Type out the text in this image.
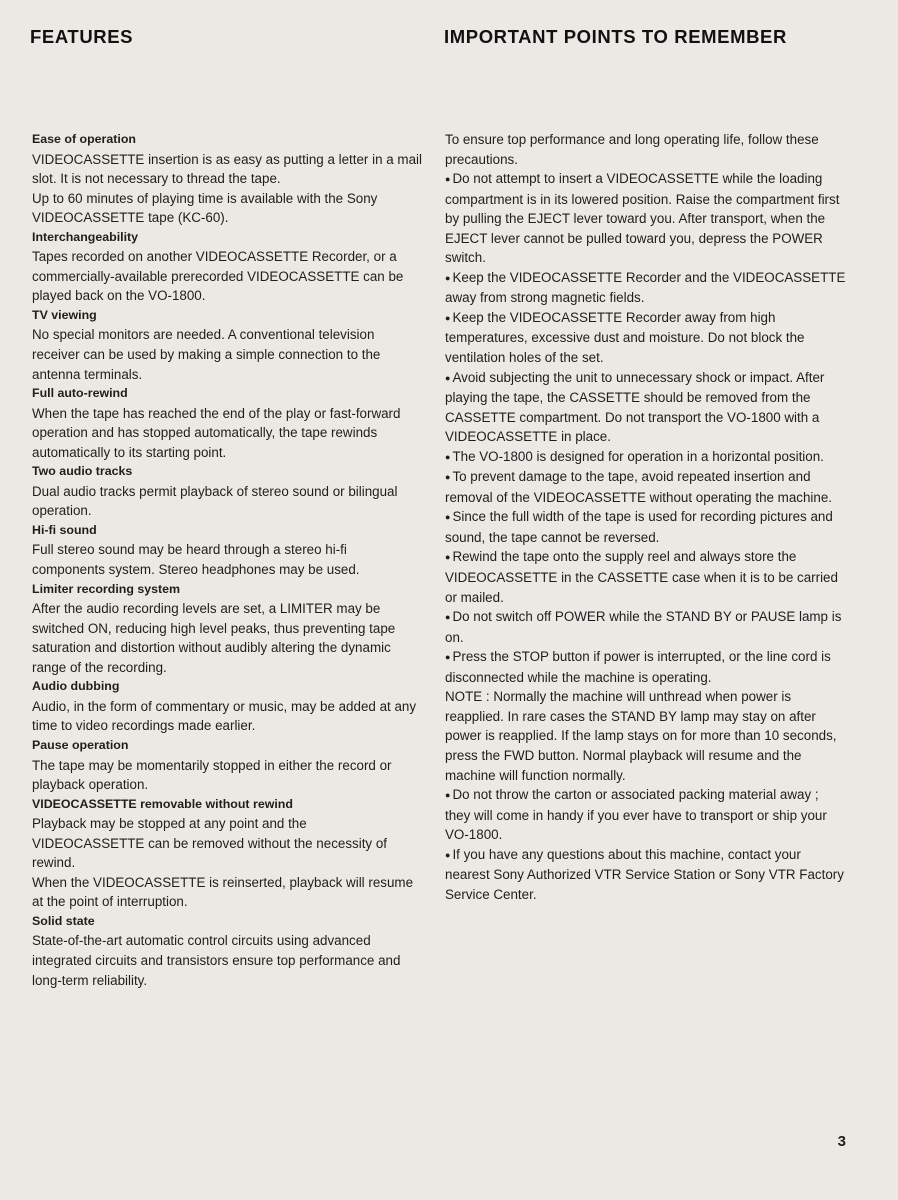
FEATURES	IMPORTANT POINTS TO REMEMBER

Ease of operation

VIDEOCASSETTE insertion is as easy as putting a letter in a mail slot. It is not necessary to thread the tape.

Up to 60 minutes of playing time is available with the Sony VIDEOCASSETTE tape (KC-60).

Interchangeability

Tapes recorded on another VIDEOCASSETTE Recorder, or a commercially-available prerecorded VIDEOCASSETTE can be played back on the VO-1800.

TV viewing

No special monitors are needed. A conventional television receiver can be used by making a simple connection to the antenna terminals.

Full auto-rewind

When the tape has reached the end of the play or fast-forward operation and has stopped automatically, the tape rewinds automatically to its starting point.

Two audio tracks

Dual audio tracks permit playback of stereo sound or bilingual operation.

Hi-fi sound

Full stereo sound may be heard through a stereo hi-fi components system. Stereo headphones may be used.

Limiter recording system

After the audio recording levels are set, a LIMITER may be switched ON, reducing high level peaks, thus preventing tape saturation and distortion without audibly altering the dynamic range of the recording.

Audio dubbing

Audio, in the form of commentary or music, may be added at any time to video recordings made earlier.

Pause operation

The tape may be momentarily stopped in either the record or playback operation.

VIDEOCASSETTE removable without rewind

Playback may be stopped at any point and the VIDEOCASSETTE can be removed without the necessity of rewind.

When the VIDEOCASSETTE is reinserted, playback will resume at the point of interruption.

Solid state

State-of-the-art automatic control circuits using advanced integrated circuits and transistors ensure top performance and long-term reliability.

To ensure top performance and long operating life, follow these precautions.

● Do not attempt to insert a VIDEOCASSETTE while the loading compartment is in its lowered position. Raise the compartment first by pulling the EJECT lever toward you. After transport, when the EJECT lever cannot be pulled toward you, depress the POWER switch.

● Keep the VIDEOCASSETTE Recorder and the VIDEOCASSETTE away from strong magnetic fields.

● Keep the VIDEOCASSETTE Recorder away from high temperatures, excessive dust and moisture. Do not block the ventilation holes of the set.

● Avoid subjecting the unit to unnecessary shock or impact. After playing the tape, the CASSETTE should be removed from the CASSETTE compartment. Do not transport the VO-1800 with a VIDEOCASSETTE in place.

● The VO-1800 is designed for operation in a horizontal position.

● To prevent damage to the tape, avoid repeated insertion and removal of the VIDEOCASSETTE without operating the machine.

● Since the full width of the tape is used for recording pictures and sound, the tape cannot be reversed.

● Rewind the tape onto the supply reel and always store the VIDEOCASSETTE in the CASSETTE case when it is to be carried or mailed.

● Do not switch off POWER while the STAND BY or PAUSE lamp is on.

● Press the STOP button if power is interrupted, or the line cord is disconnected while the machine is operating.

NOTE : Normally the machine will unthread when power is reapplied. In rare cases the STAND BY lamp may stay on after power is reapplied. If the lamp stays on for more than 10 seconds, press the FWD button. Normal playback will resume and the machine will function normally.

● Do not throw the carton or associated packing material away ; they will come in handy if you ever have to transport or ship your VO-1800.

● If you have any questions about this machine, contact your nearest Sony Authorized VTR Service Station or Sony VTR Factory Service Center.

3
